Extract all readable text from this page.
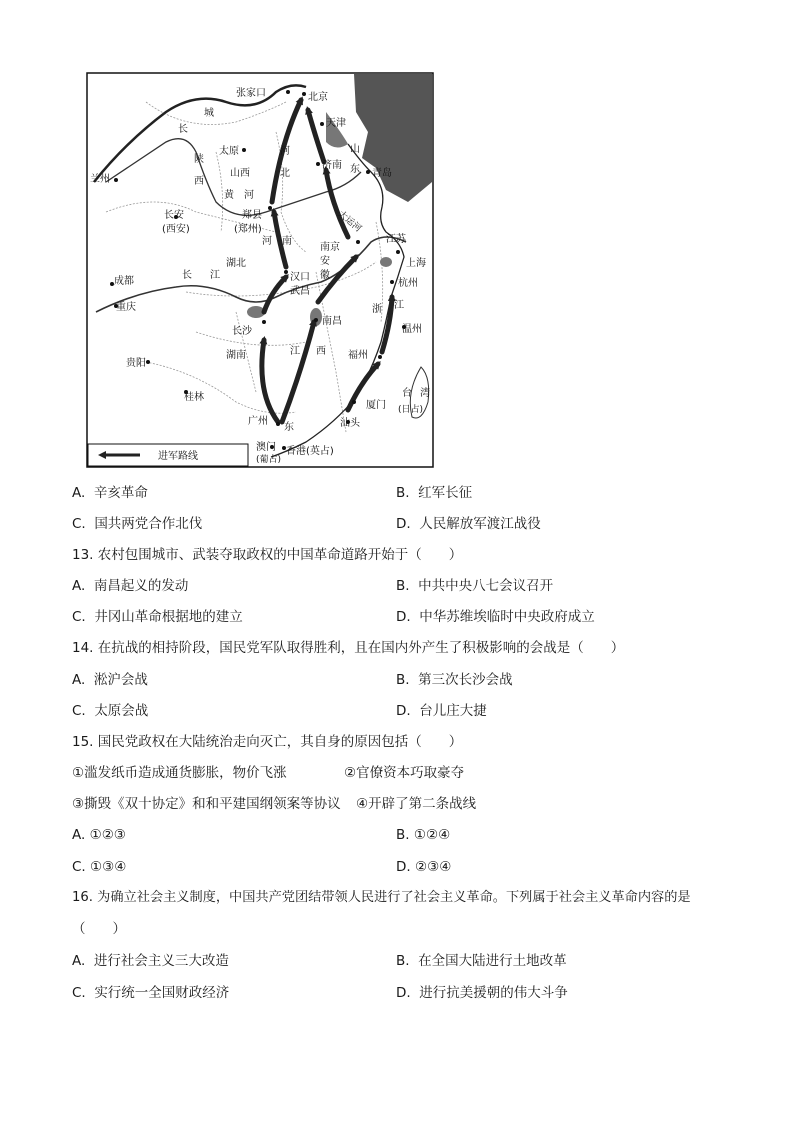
张家口	北京
天津
太原
山西
河
北
济南
山
东 青岛
兰州
陕
西
黄 河
长
城
郑县
(郑州)
长安
(西安)
河 南
南京
安
徽
江苏
上海
大运河
成都
长 江
湖北
汉口
武昌
杭州
重庆
长沙
南昌
浙 江
温州
贵阳
湖南	江 西 福州
桂林
广州
东
厦门
台 湾
(日占)
汕头
澳门
(葡占)
香港(英占)
进军路线
A. 辛亥革命	B. 红军长征
C. 国共两党合作北伐	D. 人民解放军渡江战役
13. 农村包围城市、武装夺取政权的中国革命道路开始于（　　）
A. 南昌起义的发动	B. 中共中央八七会议召开
C. 井冈山革命根据地的建立	D. 中华苏维埃临时中央政府成立
14. 在抗战的相持阶段，国民党军队取得胜利，且在国内外产生了积极影响的会战是（　　）
A. 淞沪会战	B. 第三次长沙会战
C. 太原会战	D. 台儿庄大捷
15. 国民党政权在大陆统治走向灭亡，其自身的原因包括（　　）
①滥发纸币造成通货膨胀，物价飞涨	②官僚资本巧取豪夺
③撕毁《双十协定》和和平建国纲领案等协议 ④开辟了第二条战线
A. ①②③	B. ①②④
C. ①③④	D. ②③④
16. 为确立社会主义制度，中国共产党团结带领人民进行了社会主义革命。下列属于社会主义革命内容的是
（　　）
A. 进行社会主义三大改造	B. 在全国大陆进行土地改革
C. 实行统一全国财政经济	D. 进行抗美援朝的伟大斗争
